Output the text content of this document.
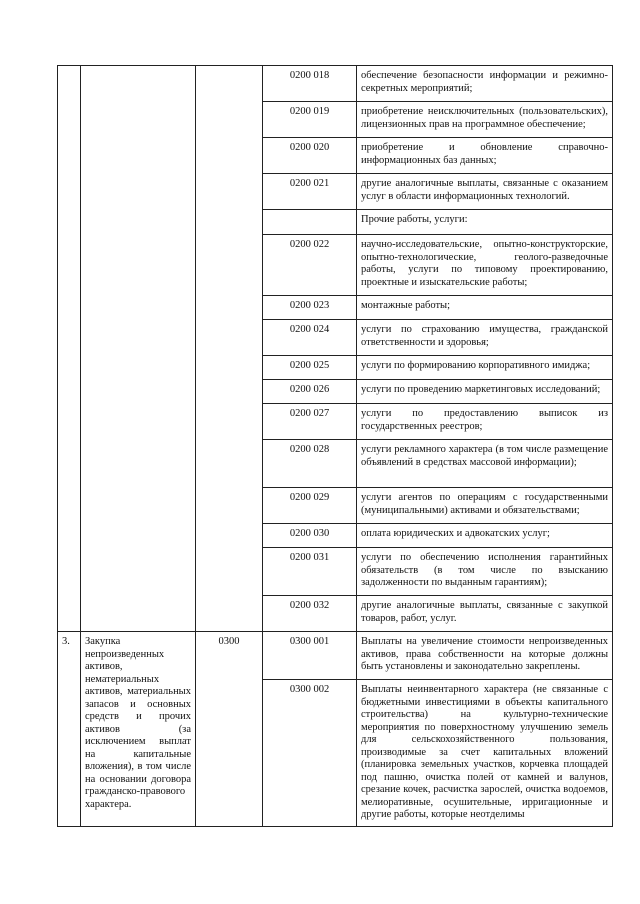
			0200 018	обеспечение безопасности информации и режимно-секретных мероприятий;
			0200 019	приобретение неисключительных (пользовательских), лицензионных прав на программное обеспечение;
			0200 020	приобретение и обновление справочно-информационных баз данных;
			0200 021	другие аналогичные выплаты, связанные с оказанием услуг в области информационных технологий.
				Прочие работы, услуги:
			0200 022	научно-исследовательские, опытно-конструкторские, опытно-технологические, геолого-разведочные работы, услуги по типовому проектированию, проектные и изыскательские работы;
			0200 023	монтажные работы;
			0200 024	услуги по страхованию имущества, гражданской ответственности и здоровья;
			0200 025	услуги по формированию корпоративного имиджа;
			0200 026	услуги по проведению маркетинговых исследований;
			0200 027	услуги по предоставлению выписок из государственных реестров;
			0200 028	услуги рекламного характера (в том числе размещение объявлений в средствах массовой информации);
			0200 029	услуги агентов по операциям с государственными (муниципальными) активами и обязательствами;
			0200 030	оплата юридических и адвокатских услуг;
			0200 031	услуги по обеспечению исполнения гарантийных обязательств (в том числе по взысканию задолженности по выданным гарантиям);
			0200 032	другие аналогичные выплаты, связанные с закупкой товаров, работ, услуг.
3.	Закупка непроизведенных активов, нематериальных активов, материальных запасов и основных средств и прочих активов (за исключением выплат на капитальные вложения), в том числе на основании договора гражданско-правового характера.	0300	0300 001	Выплаты на увеличение стоимости непроизведенных активов, права собственности на которые должны быть установлены и законодательно закреплены.
			0300 002	Выплаты неинвентарного характера (не связанные с бюджетными инвестициями в объекты капитального строительства) на культурно-технические мероприятия по поверхностному улучшению земель для сельскохозяйственного пользования, производимые за счет капитальных вложений (планировка земельных участков, корчевка площадей под пашню, очистка полей от камней и валунов, срезание кочек, расчистка зарослей, очистка водоемов, мелиоративные, осушительные, ирригационные и другие работы, которые неотделимы
